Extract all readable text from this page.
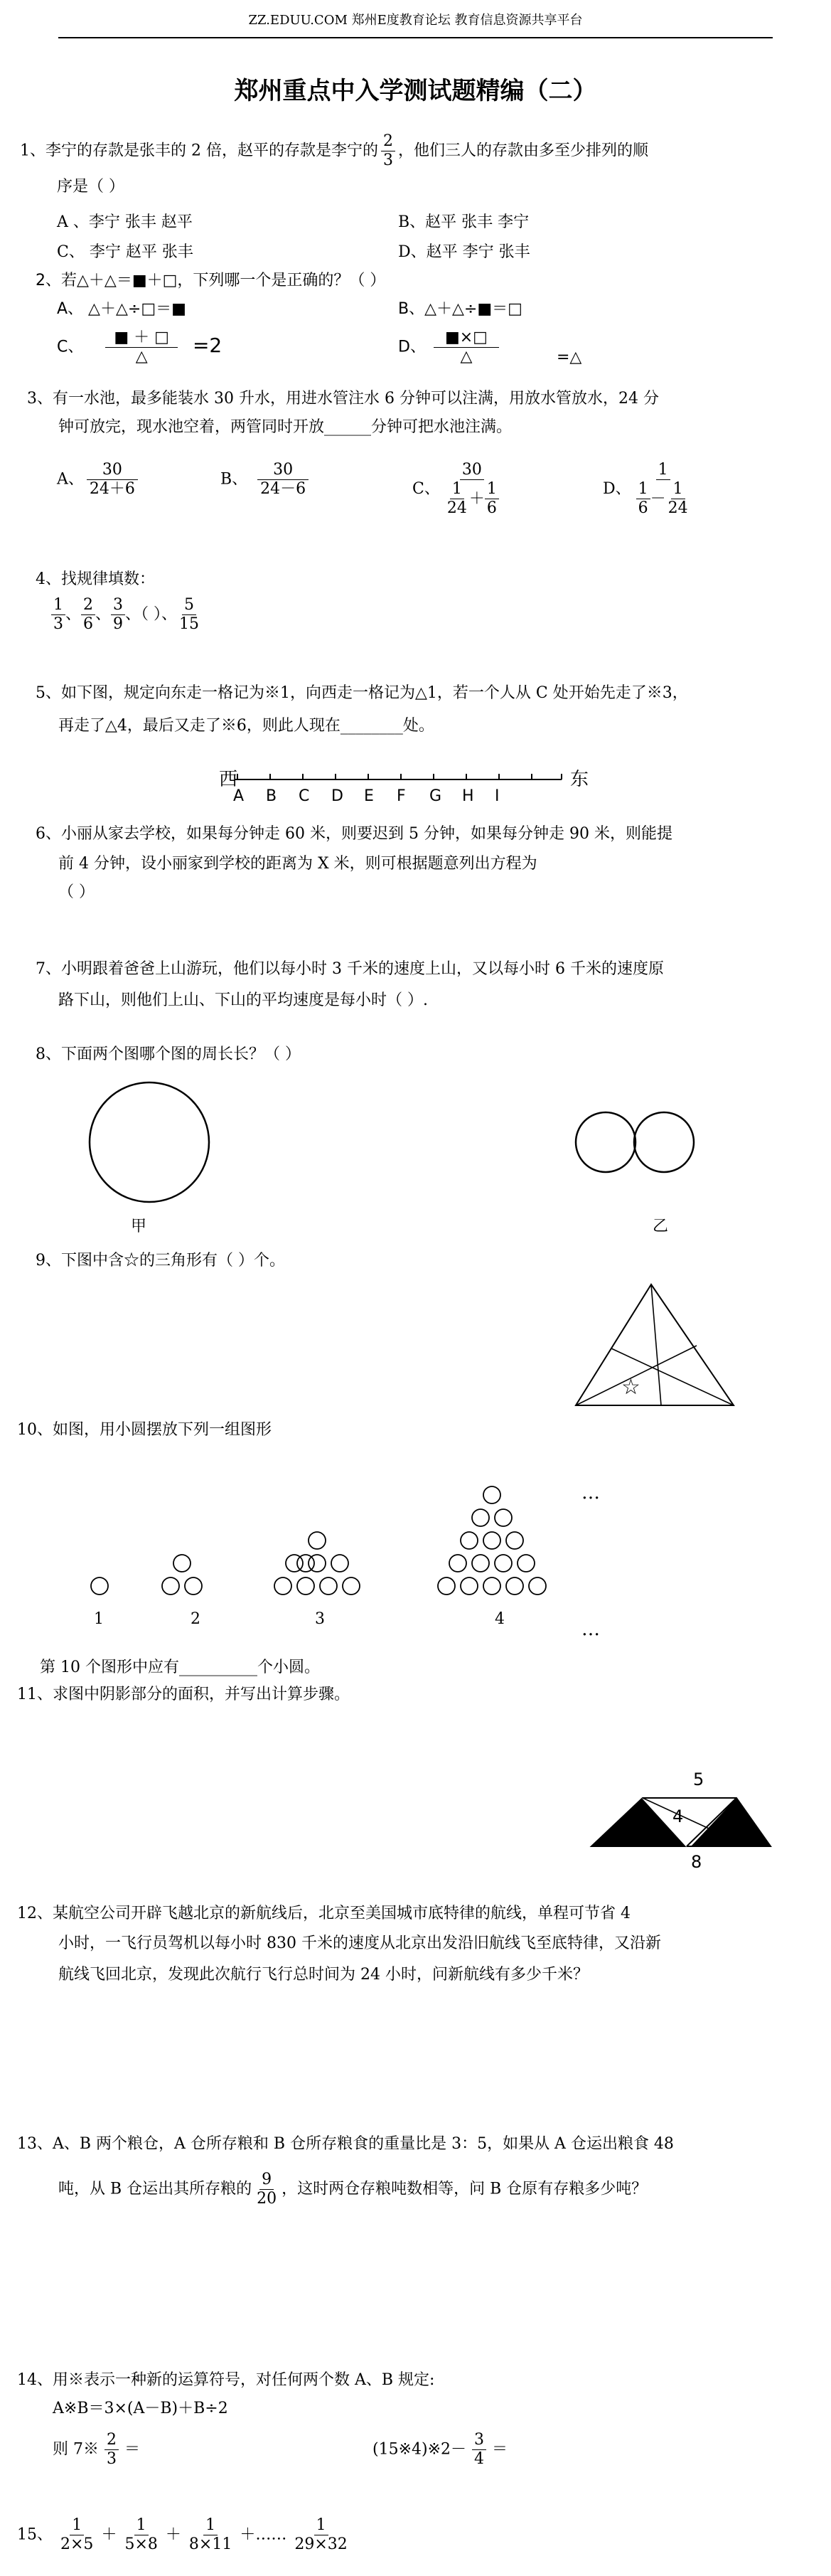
ZZ.EDUU.COM 郑州E度教育论坛 教育信息资源共享平台
郑州重点中入学测试题精编（二）
1、李宁的存款是张丰的 2 倍，赵平的存款是李宁的 $\frac{2}{3}$ ，他们三人的存款由多至少排列的顺
序是（ ）
A 、李宁 张丰 赵平	B、赵平 张丰 李宁
C、 李宁 赵平 张丰	D、赵平 李宁 张丰
2、若△＋△＝■＋□，下列哪一个是正确的？（ ）
A、 △＋△÷□＝■	B、△＋△÷■＝□
C、 $\frac{■ + □}{\triangle} =2$	D、 $\frac{■\times□}{\triangle}$	=△
3、有一水池，最多能装水 30 升水，用进水管注水 6 分钟可以注满，用放水管放水，24 分
钟可放完，现水池空着，两管同时开放______分钟可把水池注满。
A、 $\frac{30}{24+6}$	B、 $\frac{30}{24-6}$	C、 $\frac{30}{\frac{1}{24} + \frac{1}{6}}$	D、 $\frac{1}{\frac{1}{6} - \frac{1}{24}}$
4、找规律填数：
$\frac{1}{3}$ 、 $\frac{2}{6}$ 、 $\frac{3}{9}$ 、（ ）、 $\frac{5}{15}$
5、如下图，规定向东走一格记为※1，向西走一格记为△1，若一个人从 C 处开始先走了※3，
再走了△4，最后又走了※6，则此人现在________处。
西	东
A B C D E F G H I
6、小丽从家去学校，如果每分钟走 60 米，则要迟到 5 分钟，如果每分钟走 90 米，则能提
前 4 分钟，设小丽家到学校的距离为 X 米，则可根据题意列出方程为
（ ）
7、小明跟着爸爸上山游玩，他们以每小时 3 千米的速度上山，又以每小时 6 千米的速度原
路下山，则他们上山、下山的平均速度是每小时（ ）.
8、下面两个图哪个图的周长长？（ ）
甲	乙
9、下图中含☆的三角形有（ ）个。
☆
10、如图，用小圆摆放下列一组图形
1	2	3	4
…
…
第 10 个图形中应有__________个小圆。
11、求图中阴影部分的面积，并写出计算步骤。
5
4 3
8
12、某航空公司开辟飞越北京的新航线后，北京至美国城市底特律的航线，单程可节省 4
小时，一飞行员驾机以每小时 830 千米的速度从北京出发沿旧航线飞至底特律，又沿新
航线飞回北京，发现此次航行飞行总时间为 24 小时，问新航线有多少千米？
13、A、B 两个粮仓，A 仓所存粮和 B 仓所存粮食的重量比是 3：5，如果从 A 仓运出粮食 48
吨，从 B 仓运出其所存粮的 $\frac{9}{20}$ ，这时两仓存粮吨数相等，问 B 仓原有存粮多少吨？
14、用※表示一种新的运算符号，对任何两个数 A、B 规定:
A※B＝3×(A－B)＋B÷2
则 7※ $\frac{2}{3}$ ＝	(15※4)※2－ $\frac{3}{4}$ ＝
15、 $\frac{1}{2\times 5} + \frac{1}{5\times 8} + \frac{1}{8\times 11}$ ＋…… $\frac{1}{29\times 32}$
